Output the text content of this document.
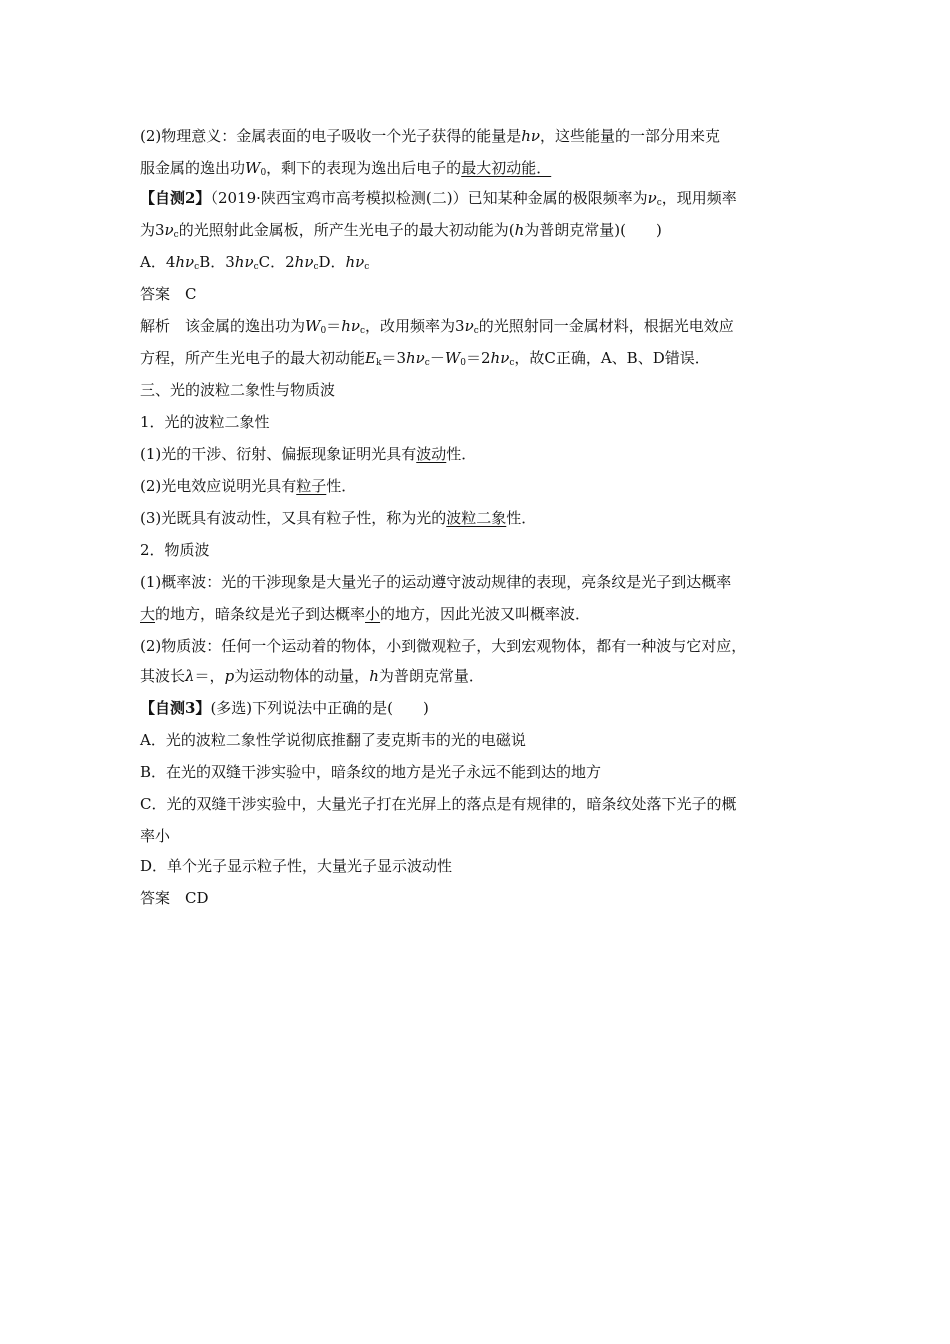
(2)物理意义：金属表面的电子吸收一个光子获得的能量是hν，这些能量的一部分用来克
服金属的逸出功$W_0$，剩下的表现为逸出后电子的最大初动能．
【自测2】（2019·陕西宝鸡市高考模拟检测(二)）已知某种金属的极限频率为$\nu_c$，现用频率
为$3\nu_c$的光照射此金属板，所产生光电子的最大初动能为(h为普朗克常量)(　　)
A．$4h\nu_cB$．$3h\nu_cC$．$2h\nu_cD$．$h\nu_c$
答案　C
解析　该金属的逸出功为$W_0=h\nu_c$，改用频率为$3\nu_c$的光照射同一金属材料，根据光电效应
方程，所产生光电子的最大初动能$E_k=3h\nu_c-W_0=2h\nu_c$，故C正确，A、B、D错误．
三、光的波粒二象性与物质波
1．光的波粒二象性
(1)光的干涉、衍射、偏振现象证明光具有波动性．
(2)光电效应说明光具有粒子性．
(3)光既具有波动性，又具有粒子性，称为光的波粒二象性．
2．物质波
(1)概率波：光的干涉现象是大量光子的运动遵守波动规律的表现，亮条纹是光子到达概率
大的地方，暗条纹是光子到达概率小的地方，因此光波又叫概率波．
(2)物质波：任何一个运动着的物体，小到微观粒子，大到宏观物体，都有一种波与它对应，
其波长λ＝，p为运动物体的动量，h为普朗克常量．
【自测3】(多选)下列说法中正确的是(　　)
A．光的波粒二象性学说彻底推翻了麦克斯韦的光的电磁说
B．在光的双缝干涉实验中，暗条纹的地方是光子永远不能到达的地方
C．光的双缝干涉实验中，大量光子打在光屏上的落点是有规律的，暗条纹处落下光子的概
率小
D．单个光子显示粒子性，大量光子显示波动性
答案　CD
